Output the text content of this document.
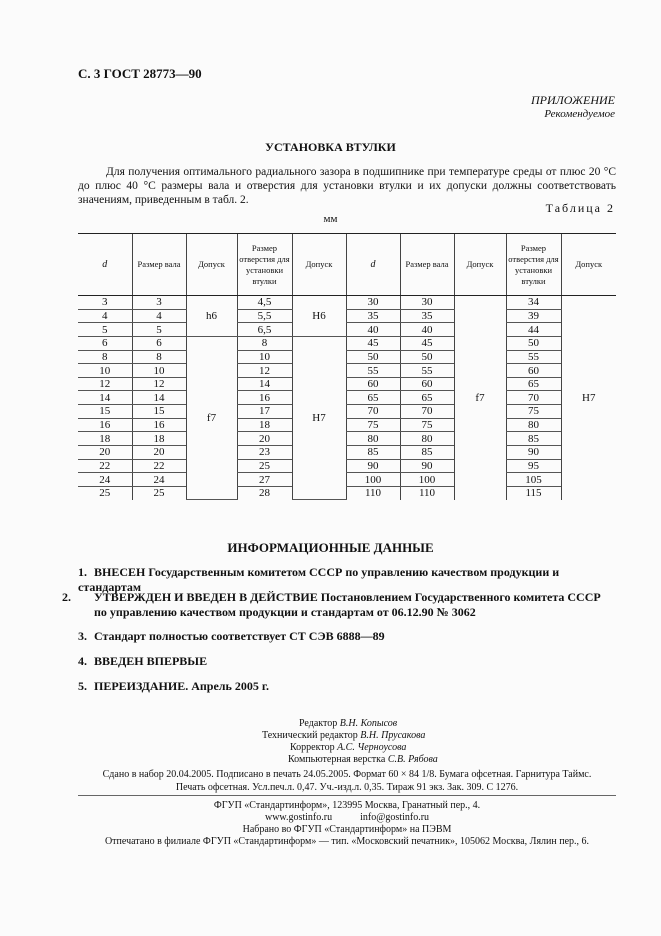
С. 3 ГОСТ 28773—90
ПРИЛОЖЕНИЕ
Рекомендуемое
УСТАНОВКА ВТУЛКИ
Для получения оптимального радиального зазора в подшипнике при температуре среды от плюс 20 °С до плюс 40 °С размеры вала и отверстия для установки втулки и их допуски должны соответствовать значениям, приведенным в табл. 2.
Таблица 2
мм
d	Размер вала	Допуск	Размер отверстия для установки втулки	Допуск	d	Размер вала	Допуск	Размер отверстия для установки втулки	Допуск
3	3	h6	4,5	H6	30	30	f7	34	H7
4	4		5,5		35	35		39	
5	5		6,5		40	40		44	
6	6	f7	8	H7	45	45		50	
8	8		10		50	50		55	
10	10		12		55	55		60	
12	12		14		60	60		65	
14	14		16		65	65		70	
15	15		17		70	70		75	
16	16		18		75	75		80	
18	18		20		80	80		85	
20	20		23		85	85		90	
22	22		25		90	90		95	
24	24		27		100	100		105	
25	25		28		110	110		115	
ИНФОРМАЦИОННЫЕ ДАННЫЕ
1. ВНЕСЕН Государственным комитетом СССР по управлению качеством продукции и стандартам
2. УТВЕРЖДЕН И ВВЕДЕН В ДЕЙСТВИЕ Постановлением Государственного комитета СССР по управлению качеством продукции и стандартам от 06.12.90 № 3062
3. Стандарт полностью соответствует СТ СЭВ 6888—89
4. ВВЕДЕН ВПЕРВЫЕ
5. ПЕРЕИЗДАНИЕ. Апрель 2005 г.
Редактор В.Н. Копысов
Технический редактор В.Н. Прусакова
Корректор А.С. Черноусова
Компьютерная верстка С.В. Рябова
Сдано в набор 20.04.2005. Подписано в печать 24.05.2005. Формат 60 × 84 1/8. Бумага офсетная. Гарнитура Таймс.
Печать офсетная. Усл.печ.л. 0,47. Уч.-изд.л. 0,35. Тираж 91 экз. Зак. 309. С 1276.
ФГУП «Стандартинформ», 123995 Москва, Гранатный пер., 4.
www.gostinfo.ru	info@gostinfo.ru
Набрано во ФГУП «Стандартинформ» на ПЭВМ
Отпечатано в филиале ФГУП «Стандартинформ» — тип. «Московский печатник», 105062 Москва, Лялин пер., 6.
